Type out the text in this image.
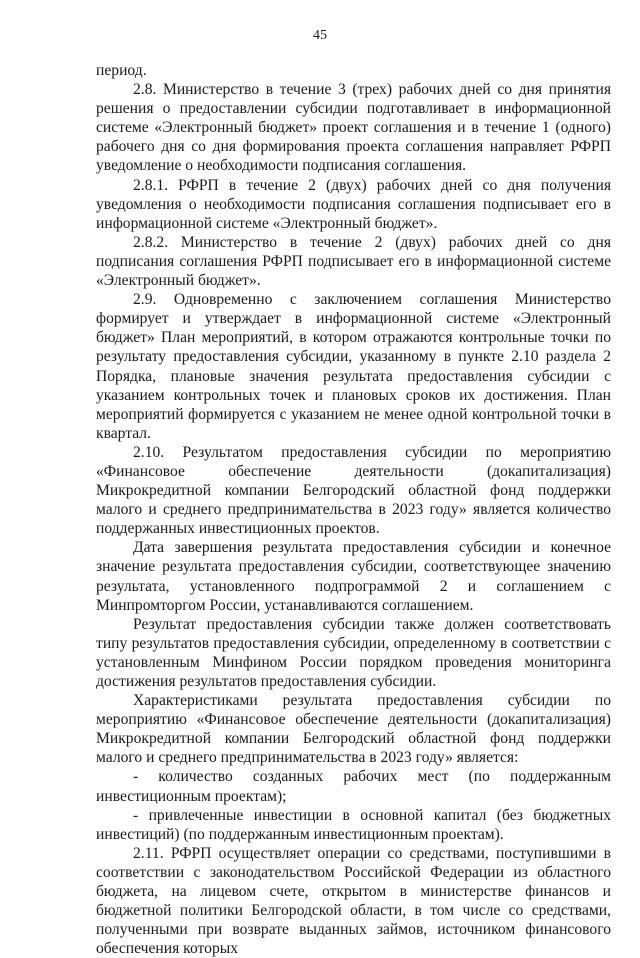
45

период.

2.8. Министерство в течение 3 (трех) рабочих дней со дня принятия решения о предоставлении субсидии подготавливает в информационной системе «Электронный бюджет» проект соглашения и в течение 1 (одного) рабочего дня со дня формирования проекта соглашения направляет РФРП уведомление о необходимости подписания соглашения.

2.8.1. РФРП в течение 2 (двух) рабочих дней со дня получения уведомления о необходимости подписания соглашения подписывает его в информационной системе «Электронный бюджет».

2.8.2. Министерство в течение 2 (двух) рабочих дней со дня подписания соглашения РФРП подписывает его в информационной системе «Электронный бюджет».

2.9. Одновременно с заключением соглашения Министерство формирует и утверждает в информационной системе «Электронный бюджет» План мероприятий, в котором отражаются контрольные точки по результату предоставления субсидии, указанному в пункте 2.10 раздела 2 Порядка, плановые значения результата предоставления субсидии с указанием контрольных точек и плановых сроков их достижения. План мероприятий формируется с указанием не менее одной контрольной точки в квартал.

2.10. Результатом предоставления субсидии по мероприятию «Финансовое обеспечение деятельности (докапитализация) Микрокредитной компании Белгородский областной фонд поддержки малого и среднего предпринимательства в 2023 году» является количество поддержанных инвестиционных проектов.

Дата завершения результата предоставления субсидии и конечное значение результата предоставления субсидии, соответствующее значению результата, установленного подпрограммой 2 и соглашением с Минпромторгом России, устанавливаются соглашением.

Результат предоставления субсидии также должен соответствовать типу результатов предоставления субсидии, определенному в соответствии с установленным Минфином России порядком проведения мониторинга достижения результатов предоставления субсидии.

Характеристиками результата предоставления субсидии по мероприятию «Финансовое обеспечение деятельности (докапитализация) Микрокредитной компании Белгородский областной фонд поддержки малого и среднего предпринимательства в 2023 году» является:

- количество созданных рабочих мест (по поддержанным инвестиционным проектам);

- привлеченные инвестиции в основной капитал (без бюджетных инвестиций) (по поддержанным инвестиционным проектам).

2.11. РФРП осуществляет операции со средствами, поступившими в соответствии с законодательством Российской Федерации из областного бюджета, на лицевом счете, открытом в министерстве финансов и бюджетной политики Белгородской области, в том числе со средствами, полученными при возврате выданных займов, источником финансового обеспечения которых
